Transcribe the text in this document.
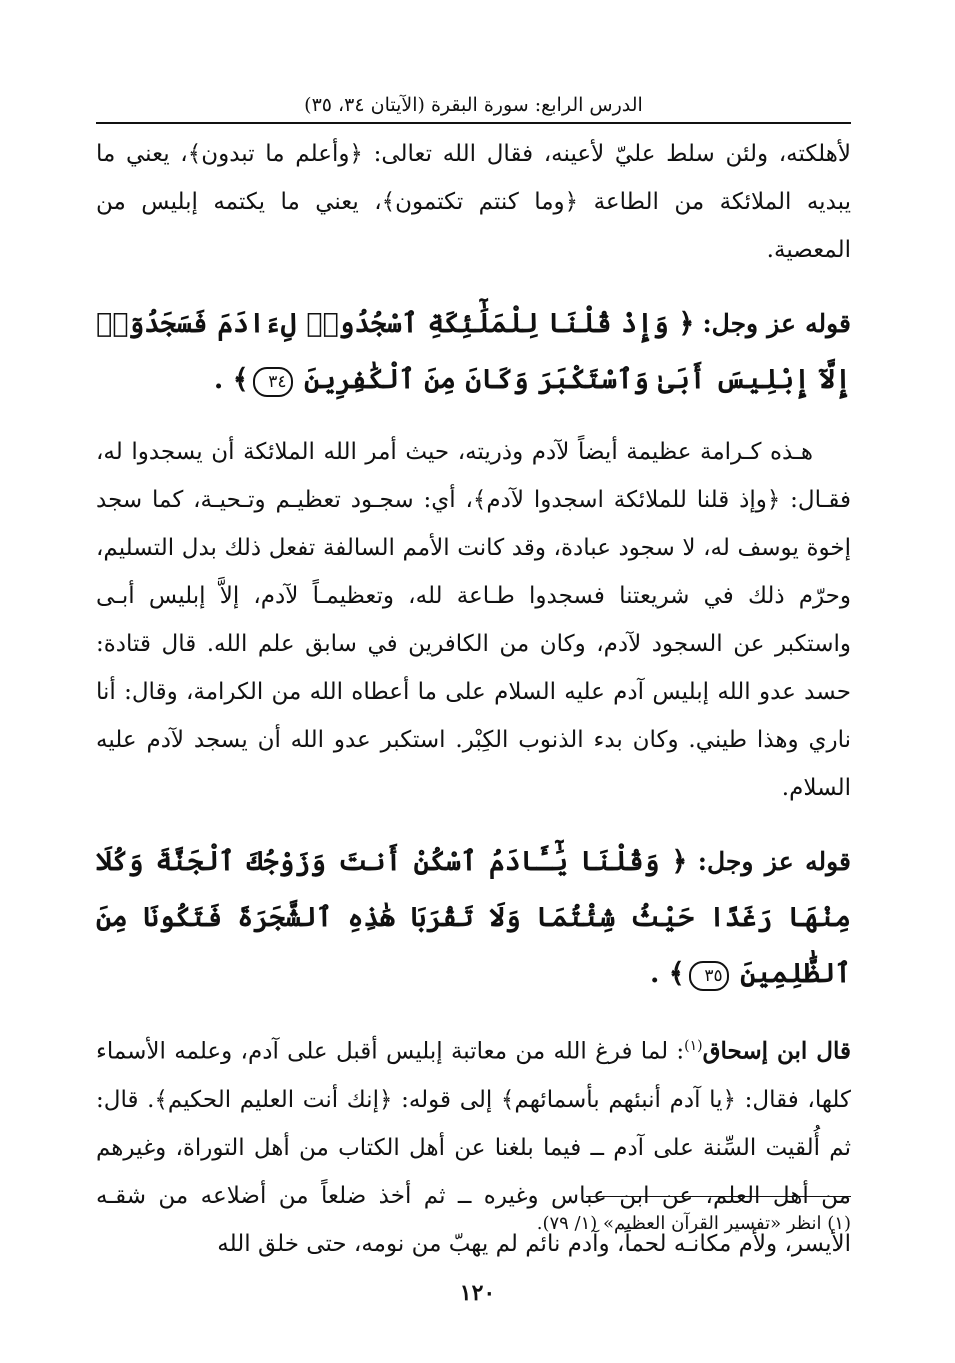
الدرس الرابع: سورة البقرة (الآيتان ٣٤، ٣٥)

لأهلكته، ولئن سلط عليّ لأعينه، فقال الله تعالى: ﴿وأعلم ما تبدون﴾، يعني ما يبديه الملائكة من الطاعة ﴿وما كنتم تكتمون﴾، يعني ما يكتمه إبليس من المعصية.

قوله عز وجل: ﴿ وَإِذْ قُلْنَا لِلْمَلَٰٓئِكَةِ ٱسْجُدُوا۟ لِءَادَمَ فَسَجَدُوٓا۟ إِلَّآ إِبْلِيسَ أَبَىٰ وَٱسْتَكْبَرَ وَكَانَ مِنَ ٱلْكَٰفِرِينَ ٣٤﴾ .

هـذه كـرامة عظيمة أيضاً لآدم وذريته، حيث أمر الله الملائكة أن يسجدوا له، فقـال: ﴿وإذ قلنا للملائكة اسجدوا لآدم﴾، أي: سجـود تعظيـم وتـحيـة، كما سجد إخوة يوسف له، لا سجود عبادة، وقد كانت الأمم السالفة تفعل ذلك بدل التسليم، وحرّم ذلك في شريعتنا فسجدوا طـاعة لله، وتعظيمـاً لآدم، إلاَّ إبليس أبـى واستكبر عن السجود لآدم، وكان من الكافرين في سابق علم الله. قال قتادة: حسد عدو الله إبليس آدم عليه السلام على ما أعطاه الله من الكرامة، وقال: أنا ناري وهذا طيني. وكان بدء الذنوب الكِبْر. استكبر عدو الله أن يسجد لآدم عليه السلام.

قوله عز وجل: ﴿ وَقُلْنَا يَٰٓـَٔادَمُ ٱسْكُنْ أَنتَ وَزَوْجُكَ ٱلْجَنَّةَ وَكُلَا مِنْهَا رَغَدًا حَيْثُ شِئْتُمَا وَلَا تَقْرَبَا هَٰذِهِ ٱلشَّجَرَةَ فَتَكُونَا مِنَ ٱلظَّٰلِمِينَ ٣٥﴾ .

قال ابن إسحاق$^{(١)}$: لما فرغ الله من معاتبة إبليس أقبل على آدم، وعلمه الأسماء كلها، فقال: ﴿يا آدم أنبئهم بأسمائهم﴾ إلى قوله: ﴿إنك أنت العليم الحكيم﴾. قال: ثم أُلقيت السِّنة على آدم ــ فيما بلغنا عن أهل الكتاب من أهل التوراة، وغيرهم من أهل العلم، عن ابن عباس وغيره ــ ثم أخذ ضلعاً من أضلاعه من شقـه الأيسر، ولأم مكانـه لحماً، وآدم نائم لم يهبّ من نومه، حتى خلق الله

(١) انظر «تفسير القرآن العظيم» (١/ ٧٩).
١٢٠
